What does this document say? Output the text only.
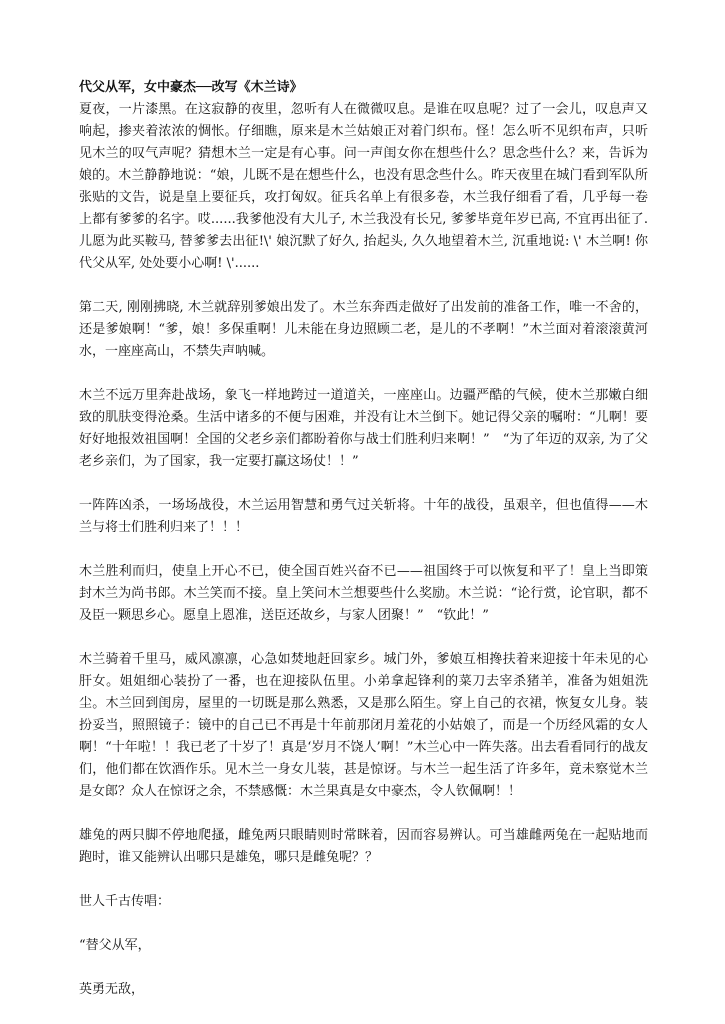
代父从军，女中豪杰──改写《木兰诗》

夏夜，一片漆黑。在这寂静的夜里，忽听有人在微微叹息。是谁在叹息呢？过了一会儿，叹息声又响起，掺夹着浓浓的惆怅。仔细瞧，原来是木兰姑娘正对着门织布。怪！怎么听不见织布声，只听见木兰的叹气声呢？猜想木兰一定是有心事。问一声闺女你在想些什么？思念些什么？来，告诉为娘的。木兰静静地说：“娘，儿既不是在想些什么，也没有思念些什么。昨天夜里在城门看到军队所张贴的文告，说是皇上要征兵，攻打匈奴。征兵名单上有很多卷，木兰我仔细看了看，几乎每一卷上都有爹爹的名字。哎......我爹他没有大儿子, 木兰我没有长兄, 爹爹毕竟年岁已高, 不宜再出征了. 儿愿为此买鞍马, 替爹爹去出征!\' 娘沉默了好久, 抬起头, 久久地望着木兰, 沉重地说: \' 木兰啊! 你代父从军, 处处要小心啊! \'......

第二天, 刚刚拂晓, 木兰就辞别爹娘出发了。木兰东奔西走做好了出发前的准备工作，唯一不舍的，还是爹娘啊！“爹，娘！多保重啊！儿未能在身边照顾二老，是儿的不孝啊！”木兰面对着滚滚黄河水，一座座高山，不禁失声呐喊。

木兰不远万里奔赴战场，象飞一样地跨过一道道关，一座座山。边疆严酷的气候，使木兰那嫩白细致的肌肤变得沧桑。生活中诸多的不便与困难，并没有让木兰倒下。她记得父亲的嘱咐：“儿啊！要好好地报效祖国啊！全国的父老乡亲们都盼着你与战士们胜利归来啊！”　“为了年迈的双亲, 为了父老乡亲们，为了国家，我一定要打赢这场仗！！”

一阵阵凶杀，一场场战役，木兰运用智慧和勇气过关斩将。十年的战役，虽艰辛，但也值得——木兰与将士们胜利归来了！！！

木兰胜利而归，使皇上开心不已，使全国百姓兴奋不已——祖国终于可以恢复和平了！皇上当即策封木兰为尚书郎。木兰笑而不接。皇上笑问木兰想要些什么奖励。木兰说：“论行赏，论官职，都不及臣一颗思乡心。愿皇上恩准，送臣还故乡，与家人团聚！”　“钦此！”

木兰骑着千里马，威风凛凛，心急如焚地赶回家乡。城门外，爹娘互相搀扶着来迎接十年未见的心肝女。姐姐细心装扮了一番，也在迎接队伍里。小弟拿起锋利的菜刀去宰杀猪羊，准备为姐姐洗尘。木兰回到闺房，屋里的一切既是那么熟悉，又是那么陌生。穿上自己的衣裙，恢复女儿身。装扮妥当，照照镜子：镜中的自己已不再是十年前那闭月羞花的小姑娘了，而是一个历经风霜的女人啊！“十年啦！！我已老了十岁了！真是‘岁月不饶人’啊！”木兰心中一阵失落。出去看看同行的战友们，他们都在饮酒作乐。见木兰一身女儿装，甚是惊讶。与木兰一起生活了许多年，竟未察觉木兰是女郎？众人在惊讶之余，不禁感慨：木兰果真是女中豪杰，令人钦佩啊！！

雄兔的两只脚不停地爬搔，雌兔两只眼睛则时常眯着，因而容易辨认。可当雄雌两兔在一起贴地而跑时，谁又能辨认出哪只是雄兔，哪只是雌兔呢？？

世人千古传唱：

“替父从军，

英勇无敌，
